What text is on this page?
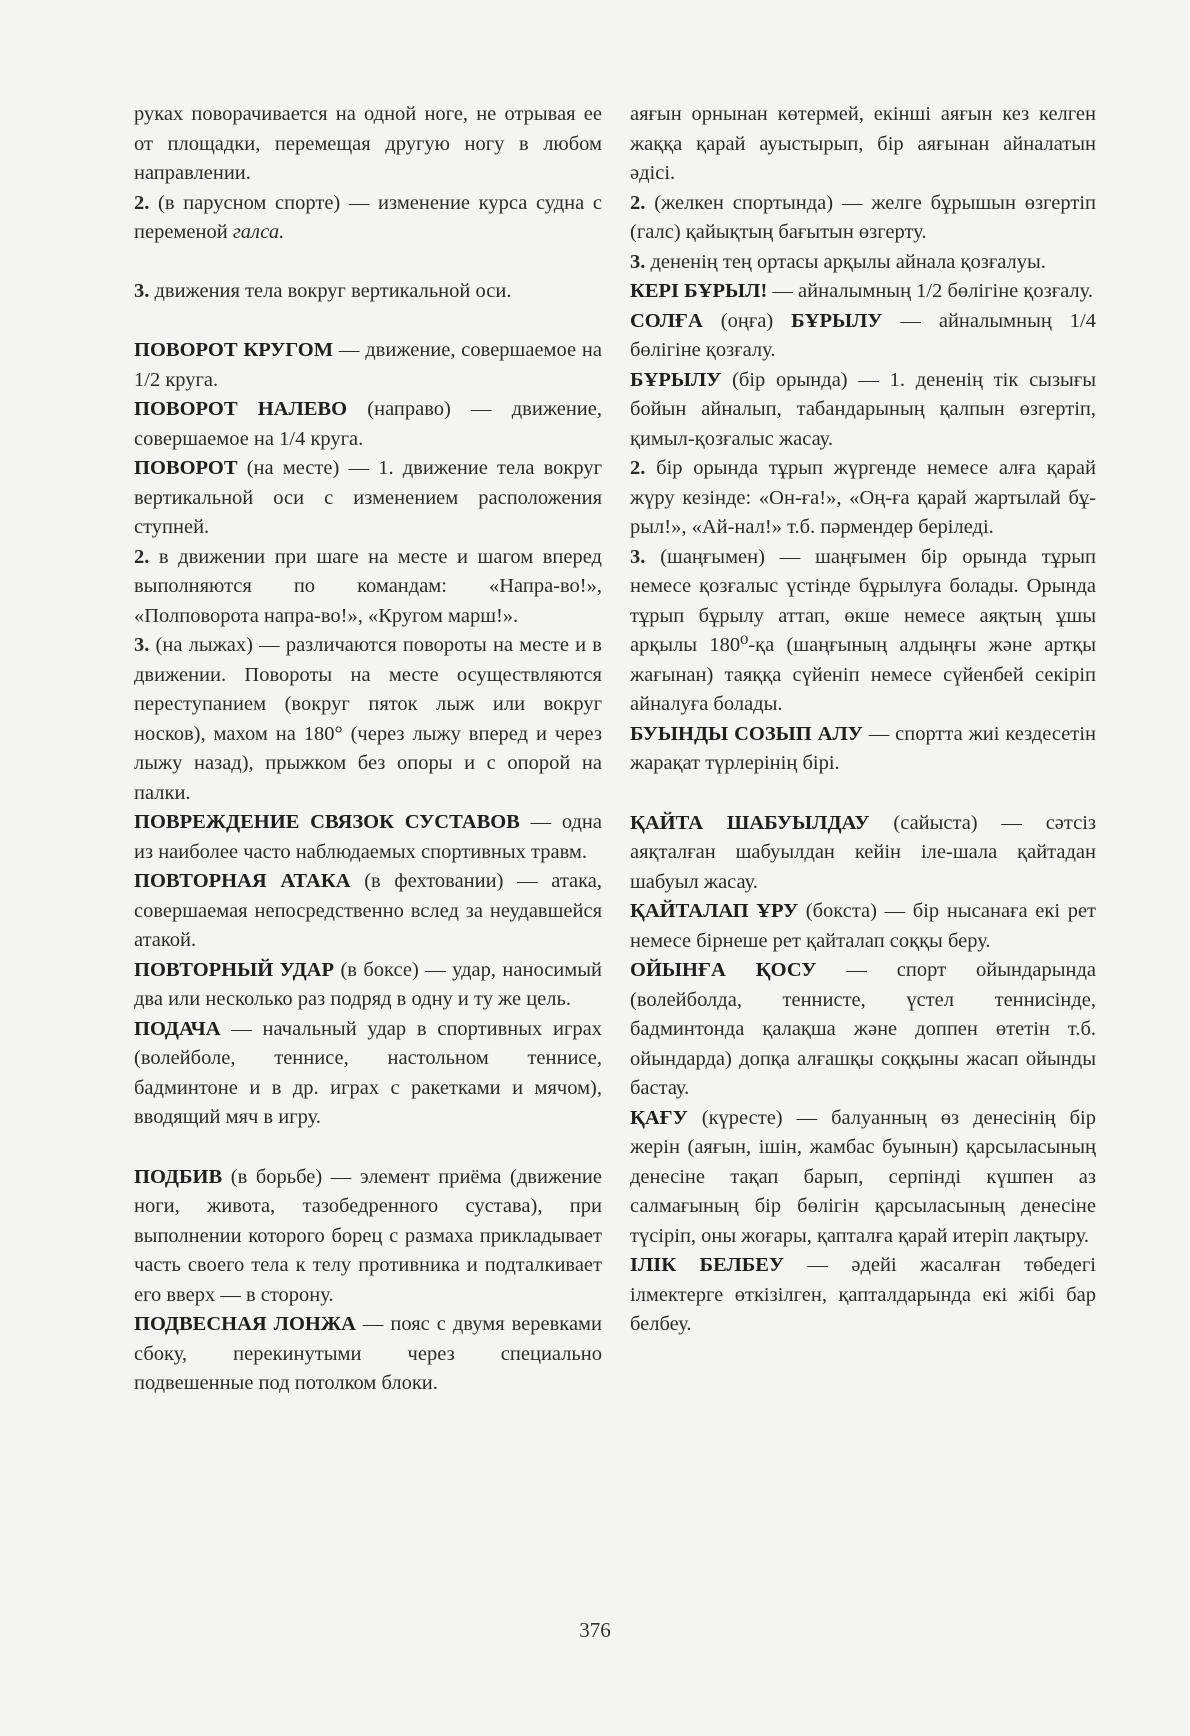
руках поворачивается на одной ноге, не отрывая ее от площадки, перемещая другую ногу в любом направлении.

2. (в парусном спорте) — изменение курса судна с переменой галса.

3. движения тела вокруг вертикальной оси.

ПОВОРОТ КРУГОМ — движение, совершаемое на 1/2 круга.

ПОВОРОТ НАЛЕВО (направо) — движение, совершаемое на 1/4 круга.

ПОВОРОТ (на месте) — 1. движение тела вокруг вертикальной оси с изменением расположения ступней.

2. в движении при шаге на месте и шагом вперед выполняются по командам: «Напра-во!», «Полповорота напра-во!», «Кругом марш!».

3. (на лыжах) — различаются повороты на месте и в движении. Повороты на месте осуществляются переступанием (вокруг пяток лыж или вокруг носков), махом на 180° (через лыжу вперед и через лыжу назад), прыжком без опоры и с опорой на палки.

ПОВРЕЖДЕНИЕ СВЯЗОК СУСТАВОВ — одна из наиболее часто наблюдаемых спортивных травм.

ПОВТОРНАЯ АТАКА (в фехтовании) — атака, совершаемая непосредственно вслед за неудавшейся атакой.

ПОВТОРНЫЙ УДАР (в боксе) — удар, наносимый два или несколько раз подряд в одну и ту же цель.

ПОДАЧА — начальный удар в спортивных играх (волейболе, теннисе, настольном теннисе, бадминтоне и в др. играх с ракетками и мячом), вводящий мяч в игру.

ПОДБИВ (в борьбе) — элемент приёма (движение ноги, живота, тазобедренного сустава), при выполнении которого борец с размаха прикладывает часть своего тела к телу противника и подталкивает его вверх — в сторону.

ПОДВЕСНАЯ ЛОНЖА — пояс с двумя веревками сбоку, перекинутыми через специально подвешенные под потолком блоки.

аяғын орнынан көтермей, екінші аяғын кез келген жаққа қарай ауыстырып, бір аяғынан айналатын әдісі.

2. (желкен спортында) — желге бұрышын өзгертіп (галс) қайықтың бағытын өзгерту.

3. дененің тең ортасы арқылы айнала қозғалуы.

КЕРІ БҰРЫЛ! — айналымның 1/2 бөлігіне қозғалу.

СОЛҒА (оңға) БҰРЫЛУ — айналымның 1/4 бөлігіне қозғалу.

БҰРЫЛУ (бір орында) — 1. дененің тік сызығы бойын айналып, табандарының қалпын өзгертіп, қимыл-қозғалыс жасау.

2. бір орында тұрып жүргенде немесе алға қарай жүру кезінде: «Он-ға!», «Оң-ға қарай жартылай бұ-рыл!», «Ай-нал!» т.б. пәрмендер беріледі.

3. (шаңғымен) — шаңғымен бір орында тұрып немесе қозғалыс үстінде бұрылуға болады. Орында тұрып бұрылу аттап, өкше немесе аяқтың ұшы арқылы 180⁰-қа (шаңғының алдыңғы және артқы жағынан) таяққа сүйеніп немесе сүйенбей секіріп айналуға болады.

БУЫНДЫ СОЗЫП АЛУ — спортта жиі кездесетін жарақат түрлерінің бірі.

ҚАЙТА ШАБУЫЛДАУ (сайыста) — сәтсіз аяқталған шабуылдан кейін іле-шала қайтадан шабуыл жасау.

ҚАЙТАЛАП ҰРУ (бокста) — бір нысанаға екі рет немесе бірнеше рет қайталап соққы беру.

ОЙЫНҒА ҚОСУ — спорт ойындарында (волейболда, теннисте, үстел теннисінде, бадминтонда қалақша және доппен өтетін т.б. ойындарда) допқа алғашқы соққыны жасап ойынды бастау.

ҚАҒУ (күресте) — балуанның өз денесінің бір жерін (аяғын, ішін, жамбас буынын) қарсыласының денесіне тақап барып, серпінді күшпен аз салмағының бір бөлігін қарсыласының денесіне түсіріп, оны жоғары, қапталға қарай итеріп лақтыру.

ІЛІК БЕЛБЕУ — әдейі жасалған төбедегі ілмектерге өткізілген, қапталдарында екі жібі бар белбеу.

376
